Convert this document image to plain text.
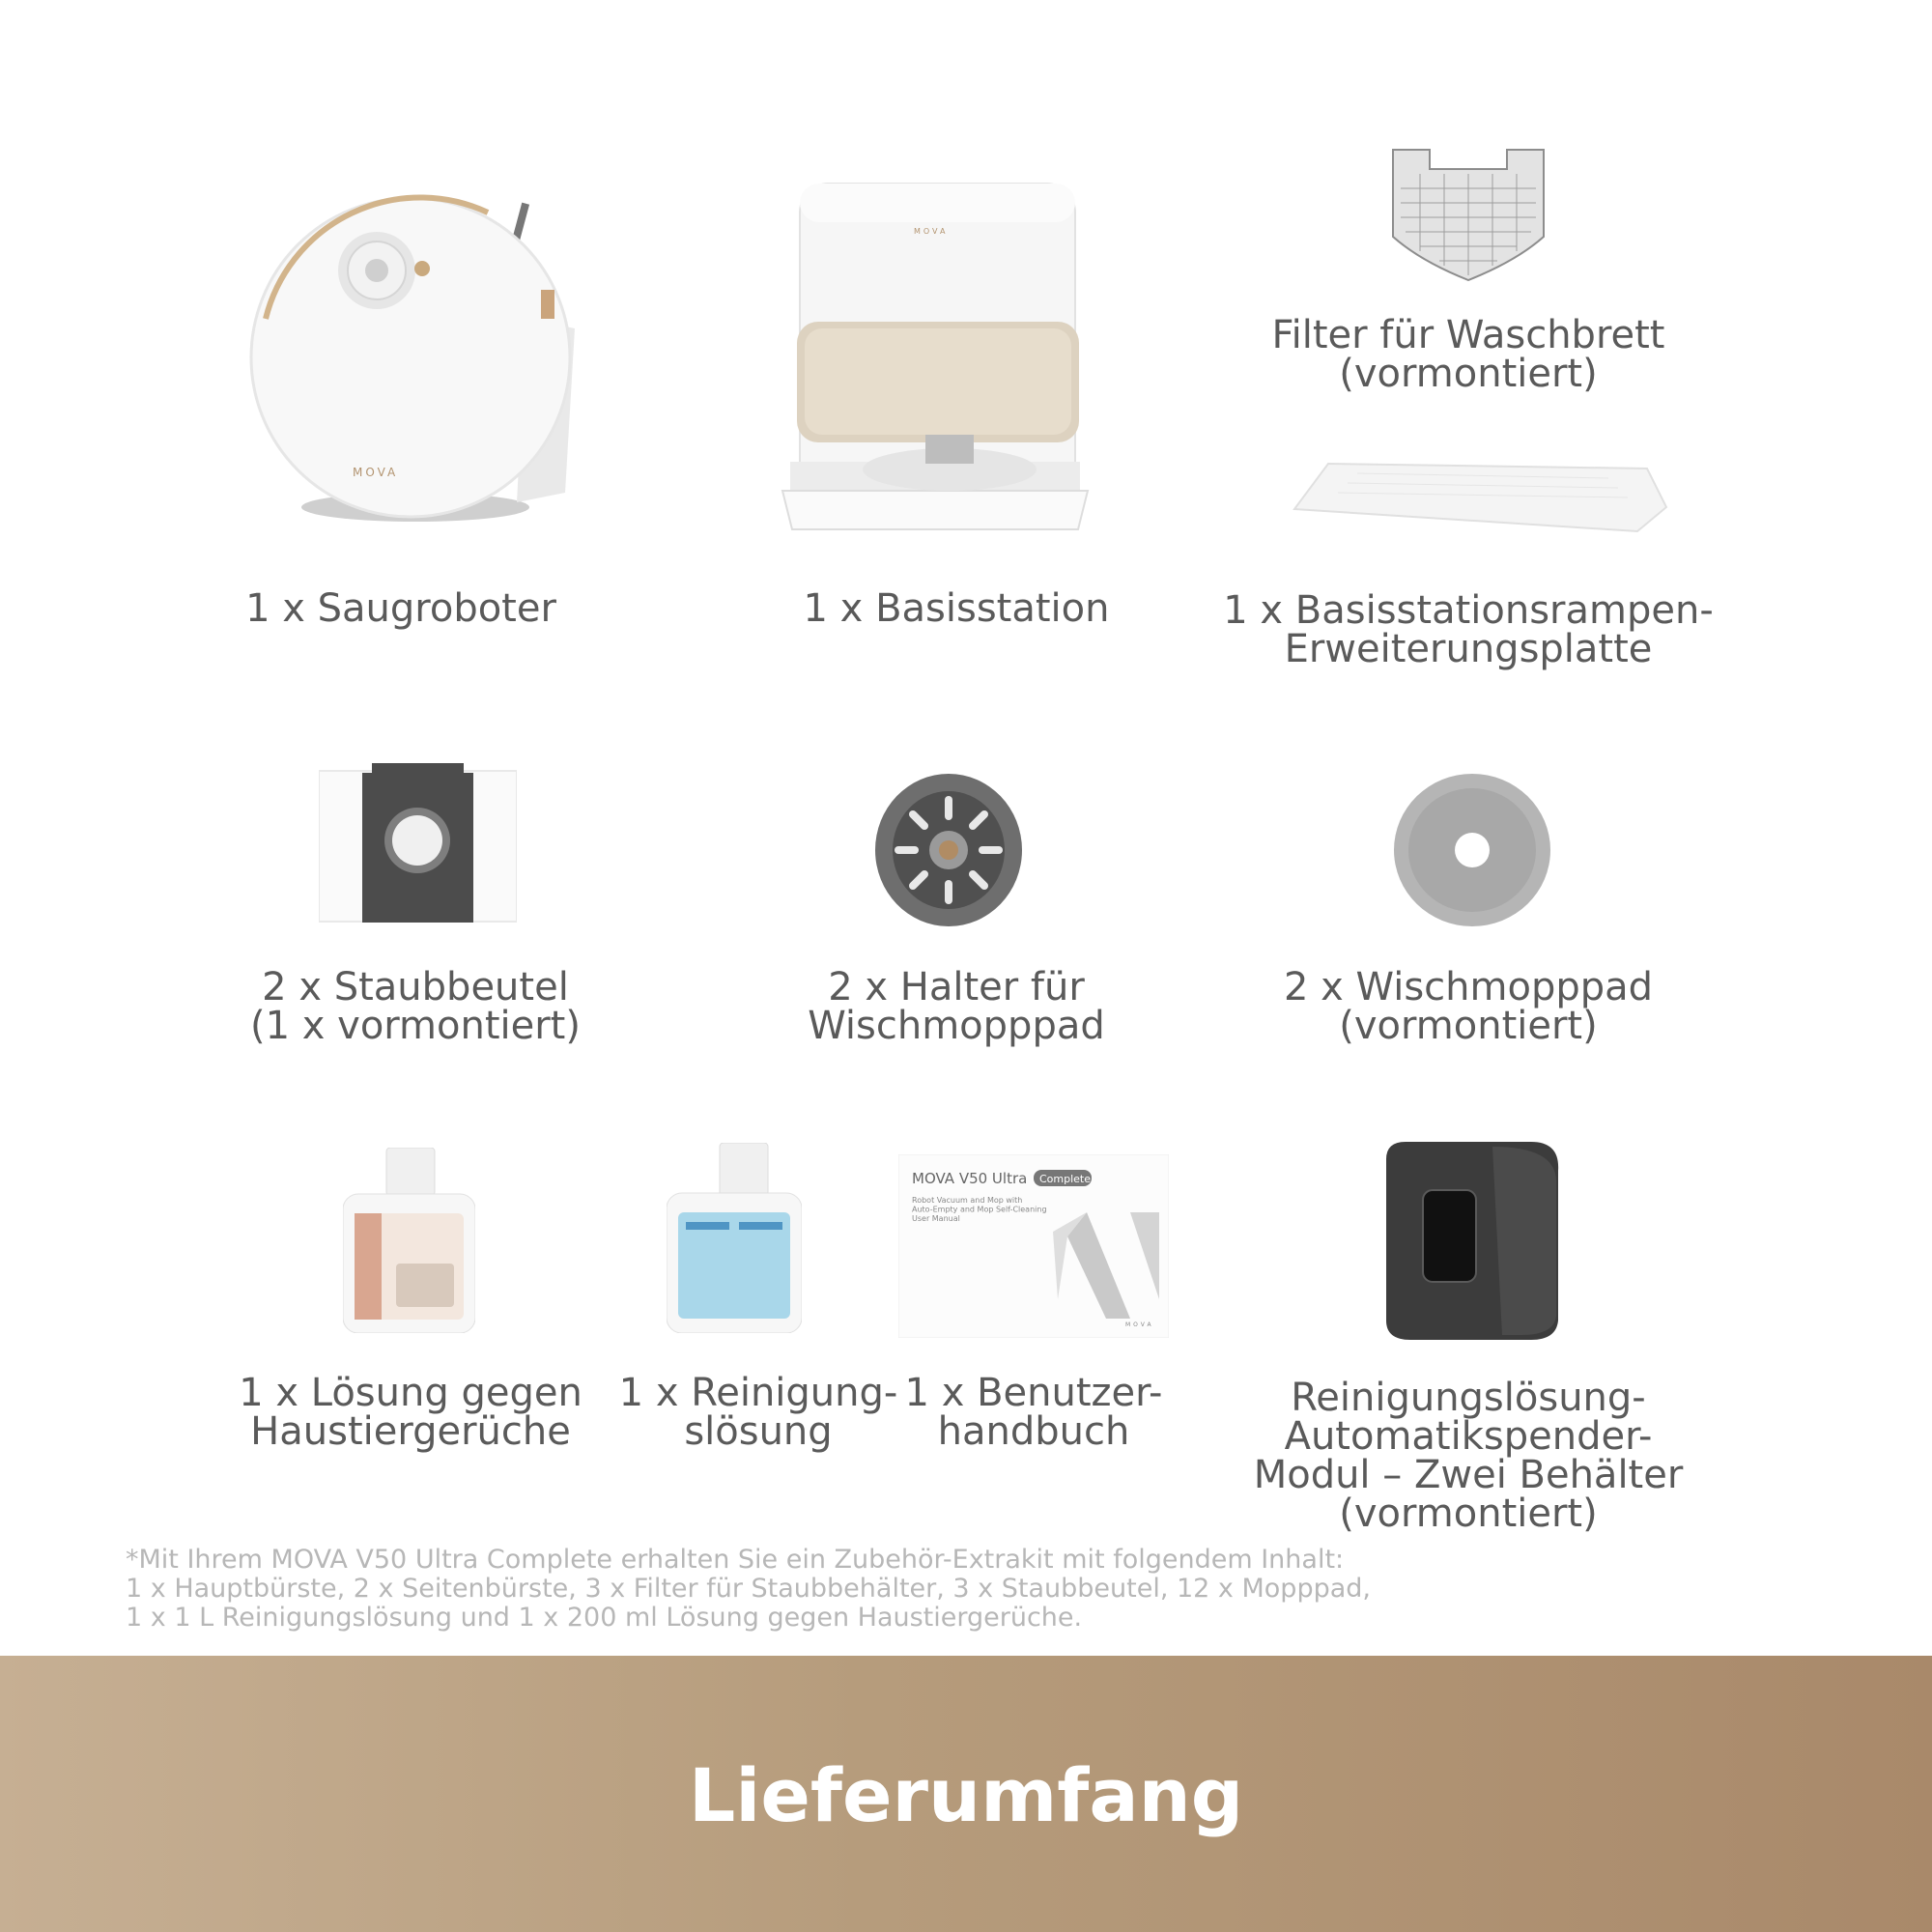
MOVA
1 x Saugroboter
MOVA
1 x Basisstation
Filter für Waschbrett
(vormontiert)
1 x Basisstationsrampen-
Erweiterungsplatte
2 x Staubbeutel
(1 x vormontiert)
2 x Halter für
Wischmopppad
2 x Wischmopppad
(vormontiert)
1 x Lösung gegen
Haustiergerüche
1 x Reinigung-
slösung
MOVA V50 Ultra Complete
Robot Vacuum and Mop with Auto-Empty and Mop Self-Cleaning User Manual
MOVA
1 x Benutzer-
handbuch
Reinigungslösung-
Automatikspender-
Modul – Zwei Behälter
(vormontiert)
*Mit Ihrem MOVA V50 Ultra Complete erhalten Sie ein Zubehör-Extrakit mit folgendem Inhalt:
1 x Hauptbürste, 2 x Seitenbürste, 3 x Filter für Staubbehälter, 3 x Staubbeutel, 12 x Mopppad,
1 x 1 L Reinigungslösung und 1 x 200 ml Lösung gegen Haustiergerüche.
Lieferumfang
